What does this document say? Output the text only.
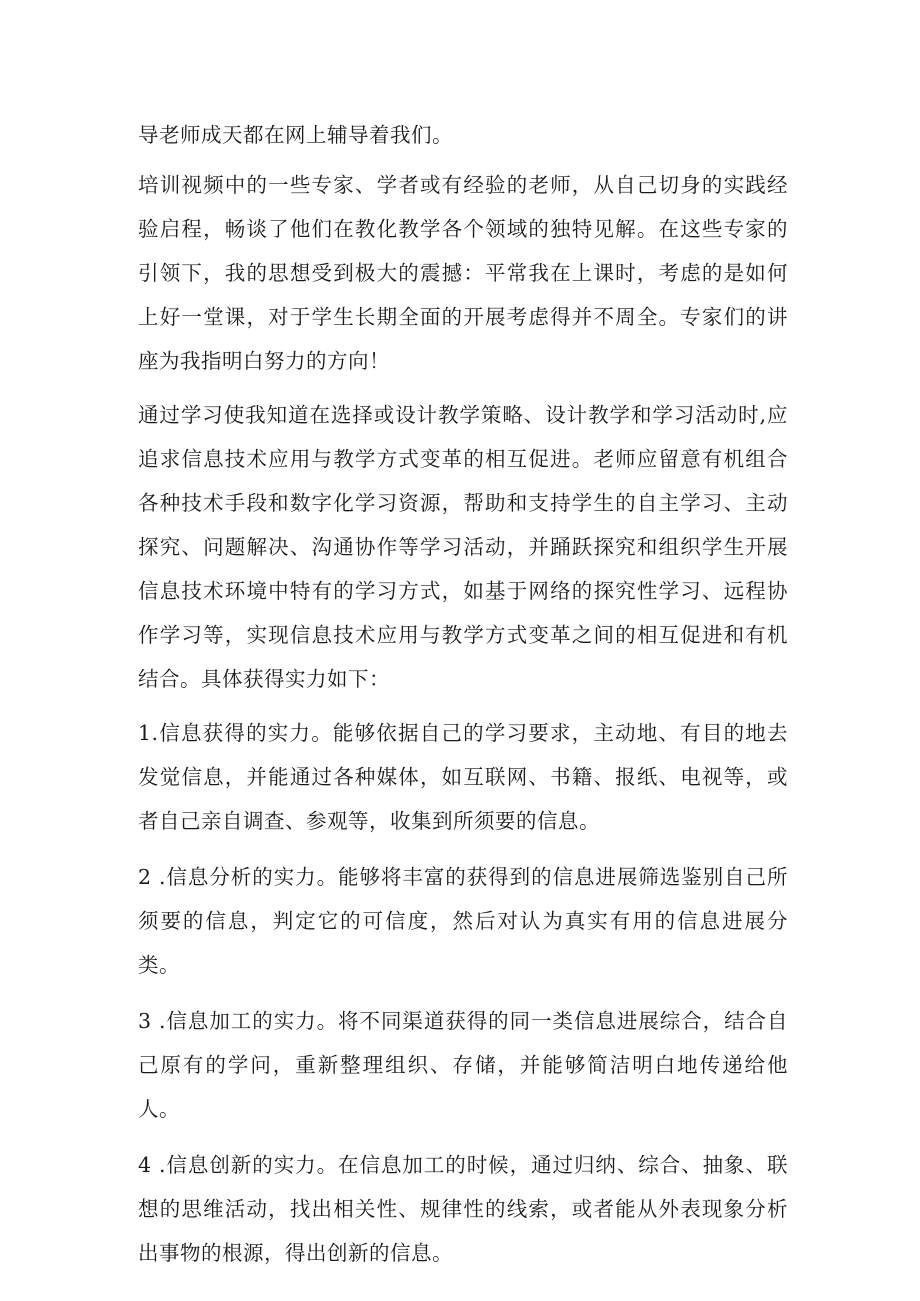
导老师成天都在网上辅导着我们。

培训视频中的一些专家、学者或有经验的老师，从自己切身的实践经验启程，畅谈了他们在教化教学各个领域的独特见解。在这些专家的引领下，我的思想受到极大的震撼：平常我在上课时，考虑的是如何上好一堂课，对于学生长期全面的开展考虑得并不周全。专家们的讲座为我指明白努力的方向！

通过学习使我知道在选择或设计教学策略、设计教学和学习活动时,应追求信息技术应用与教学方式变革的相互促进。老师应留意有机组合各种技术手段和数字化学习资源，帮助和支持学生的自主学习、主动探究、问题解决、沟通协作等学习活动，并踊跃探究和组织学生开展信息技术环境中特有的学习方式，如基于网络的探究性学习、远程协作学习等，实现信息技术应用与教学方式变革之间的相互促进和有机结合。具体获得实力如下：

1.信息获得的实力。能够依据自己的学习要求，主动地、有目的地去发觉信息，并能通过各种媒体，如互联网、书籍、报纸、电视等，或者自己亲自调查、参观等，收集到所须要的信息。

2 .信息分析的实力。能够将丰富的获得到的信息进展筛选鉴别自己所须要的信息，判定它的可信度，然后对认为真实有用的信息进展分类。

3 .信息加工的实力。将不同渠道获得的同一类信息进展综合，结合自己原有的学问，重新整理组织、存储，并能够简洁明白地传递给他人。

4 .信息创新的实力。在信息加工的时候，通过归纳、综合、抽象、联想的思维活动，找出相关性、规律性的线索，或者能从外表现象分析出事物的根源，得出创新的信息。
